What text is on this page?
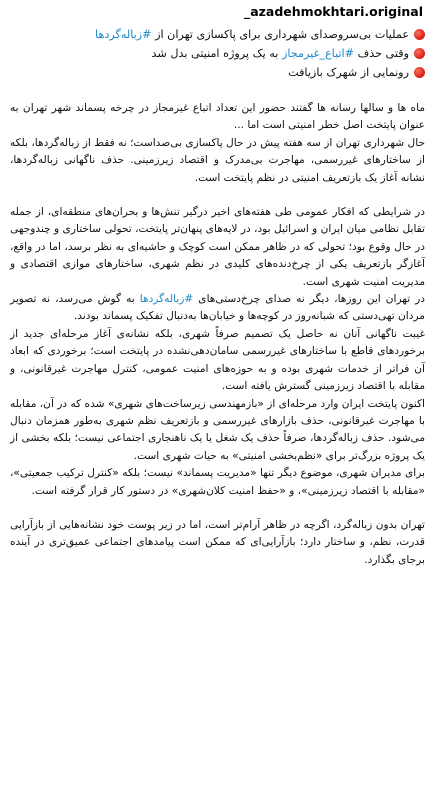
_azadehmokhtari.original
عملیات بی‌سروصدای شهرداری برای پاکسازی تهران از #زباله‌گردها
وقتی حذف #اتباع_غیرمجاز به یک پروژه امنیتی بدل شد
رونمایی از شهرک بازیافت

ماه ها و سالها رسانه ها گفتند حضور این تعداد اتباع غیرمجاز در چرخه پسماند شهر تهران به عنوان پایتخت اصل خطر امنیتی است اما ...

حال شهرداری تهران از سه هفته پیش در حال پاکسازی بی‌صداست؛ نه فقط از زباله‌گردها، بلکه از ساختارهای غیررسمی، مهاجرت بی‌مدرک و اقتصاد زیرزمینی. حذف ناگهانی زباله‌گردها، نشانه آغاز یک بازتعریف امنیتی در نظم پایتخت است.

در شرایطی که افکار عمومی طی هفته‌های اخیر درگیر تنش‌ها و بحران‌های منطقه‌ای، از جمله تقابل نظامی میان ایران و اسرائیل بود، در لایه‌های پنهان‌تر پایتخت، تحولی ساختاری و چندوجهی در حال وقوع بود؛ تحولی که در ظاهر ممکن است کوچک و حاشیه‌ای به نظر برسد، اما در واقع، آغازگر بازتعریف یکی از چرخ‌دنده‌های کلیدی در نظم شهری، ساختارهای موازی اقتصادی و مدیریت امنیت شهری است.

در تهران این روزها، دیگر نه صدای چرخ‌دستی‌های #زباله‌گردها به گوش می‌رسد، نه تصویر مردان تهی‌دستی که شبانه‌روز در کوچه‌ها و خیابان‌ها به‌دنبال تفکیک پسماند بودند.

غیبت ناگهانی آنان نه حاصل یک تصمیم صرفاً شهری، بلکه نشانه‌ی آغاز مرحله‌ای جدید از برخوردهای قاطع با ساختارهای غیررسمی سامان‌دهی‌نشده در پایتخت است؛ برخوردی که ابعاد آن فراتر از خدمات شهری بوده و به حوزه‌های امنیت عمومی، کنترل مهاجرت غیرقانونی، و مقابله با اقتصاد زیرزمینی گسترش یافته است.

اکنون پایتخت ایران وارد مرحله‌ای از «بازمهندسی زیرساخت‌های شهری» شده که در آن، مقابله با مهاجرت غیرقانونی، حذف بازارهای غیررسمی و بازتعریف نظم شهری به‌طور همزمان دنبال می‌شود. حذف زباله‌گردها، صرفاً حذف یک شغل یا یک ناهنجاری اجتماعی نیست؛ بلکه بخشی از یک پروژه بزرگ‌تر برای «نظم‌بخشی امنیتی» به حیات شهری است.

برای مدیران شهری، موضوع دیگر تنها «مدیریت پسماند» نیست؛ بلکه «کنترل ترکیب جمعیتی»، «مقابله با اقتصاد زیرزمینی»، و «حفظ امنیت کلان‌شهری» در دستور کار قرار گرفته است.

تهران بدون زباله‌گرد، اگرچه در ظاهر آرام‌تر است، اما در زیر پوست خود نشانه‌هایی از بازآرایی قدرت، نظم، و ساختار دارد؛ بازآرایی‌ای که ممکن است پیامدهای اجتماعی عمیق‌تری در آینده برجای بگذارد.
